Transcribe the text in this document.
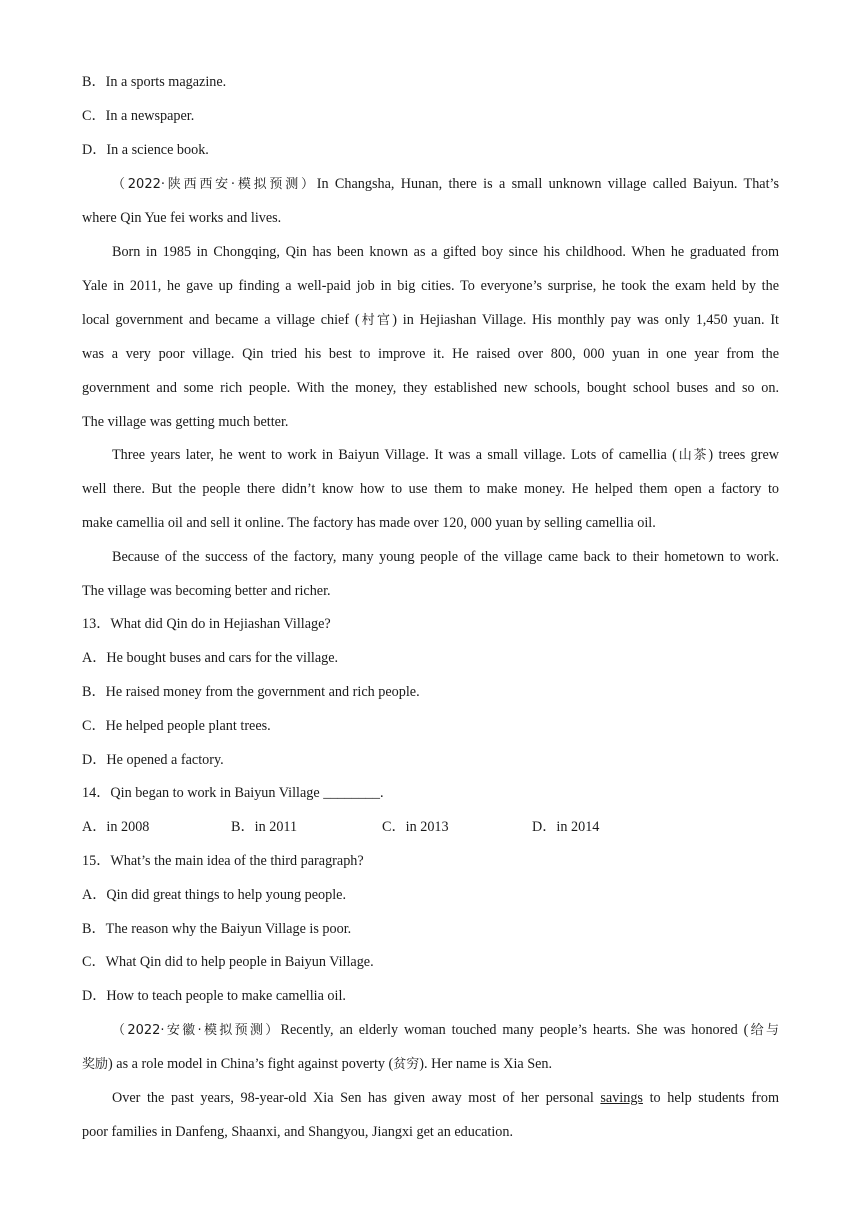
B．In a sports magazine.
C．In a newspaper.
D．In a science book.
（2022·陕西西安·模拟预测）In Changsha, Hunan, there is a small unknown village called Baiyun. That’s
where Qin Yue fei works and lives.
Born in 1985 in Chongqing, Qin has been known as a gifted boy since his childhood. When he graduated from
Yale in 2011, he gave up finding a well-paid job in big cities. To everyone’s surprise, he took the exam held by the
local government and became a village chief (村官) in Hejiashan Village. His monthly pay was only 1,450 yuan. It
was a very poor village. Qin tried his best to improve it. He raised over 800, 000 yuan in one year from the
government and some rich people. With the money, they established new schools, bought school buses and so on.
The village was getting much better.
Three years later, he went to work in Baiyun Village. It was a small village. Lots of camellia (山茶) trees grew
well there. But the people there didn’t know how to use them to make money. He helped them open a factory to
make camellia oil and sell it online. The factory has made over 120, 000 yuan by selling camellia oil.
Because of the success of the factory, many young people of the village came back to their hometown to work.
The village was becoming better and richer.
13．What did Qin do in Hejiashan Village?
A．He bought buses and cars for the village.
B．He raised money from the government and rich people.
C．He helped people plant trees.
D．He opened a factory.
14．Qin began to work in Baiyun Village ________.
A．in 2008	B．in 2011	C．in 2013	D．in 2014
15．What’s the main idea of the third paragraph?
A．Qin did great things to help young people.
B．The reason why the Baiyun Village is poor.
C．What Qin did to help people in Baiyun Village.
D．How to teach people to make camellia oil.
（2022·安徽·模拟预测）Recently, an elderly woman touched many people’s hearts. She was honored (给与
奖励) as a role model in China’s fight against poverty (贫穷). Her name is Xia Sen.
Over the past years, 98-year-old Xia Sen has given away most of her personal savings to help students from
poor families in Danfeng, Shaanxi, and Shangyou, Jiangxi get an education.
